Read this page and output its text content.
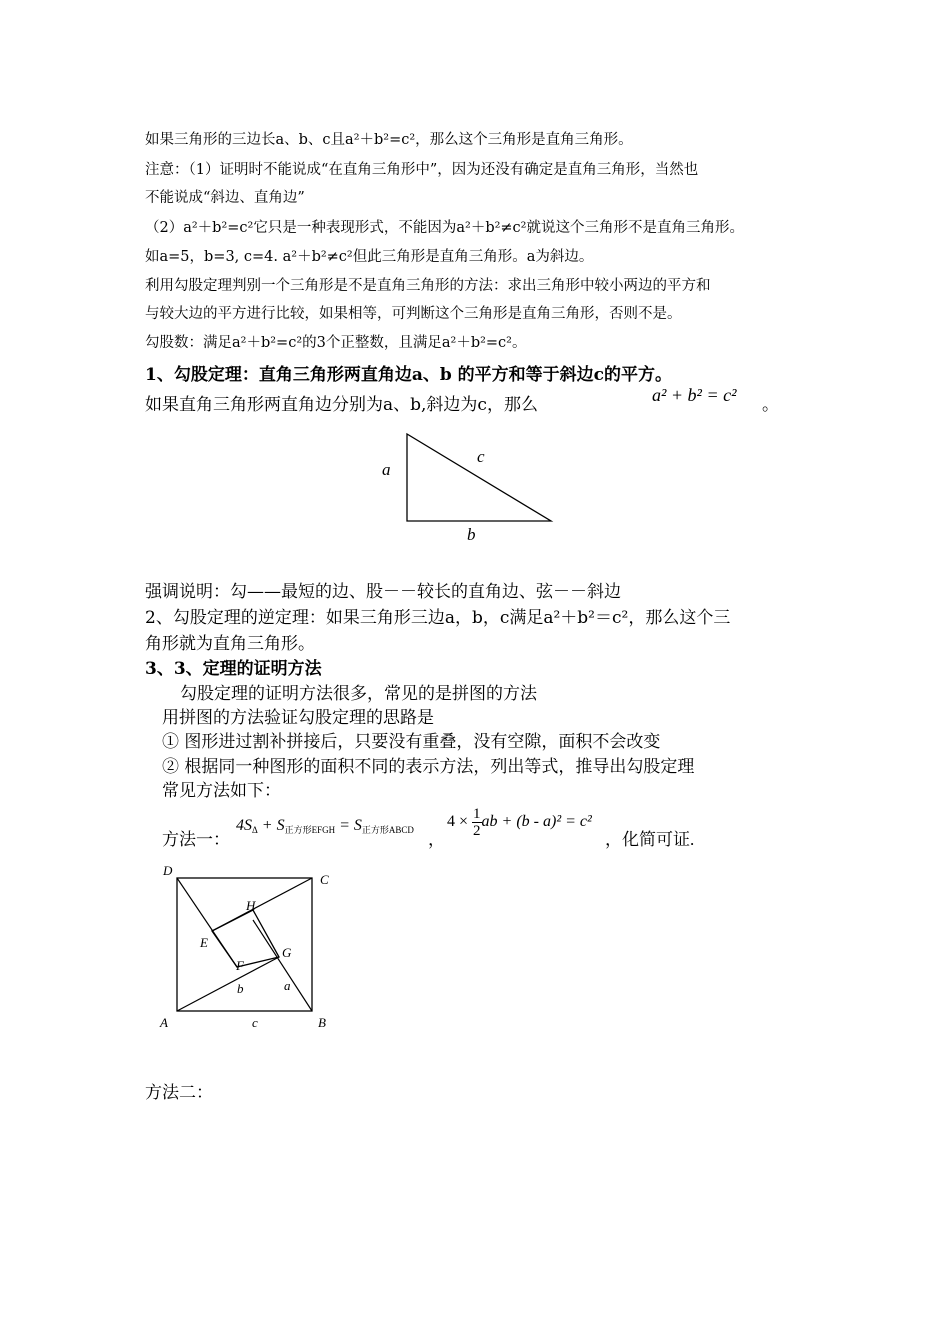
如果三角形的三边长a、b、c且a²＋b²=c²，那么这个三角形是直角三角形。
注意：（1）证明时不能说成“在直角三角形中”，因为还没有确定是直角三角形，当然也
不能说成“斜边、直角边”
（2）a²＋b²=c²它只是一种表现形式，不能因为a²＋b²≠c²就说这个三角形不是直角三角形。
如a=5，b=3, c=4. a²＋b²≠c²但此三角形是直角三角形。a为斜边。
利用勾股定理判别一个三角形是不是直角三角形的方法：求出三角形中较小两边的平方和
与较大边的平方进行比较，如果相等，可判断这个三角形是直角三角形，否则不是。
勾股数：满足a²＋b²=c²的3个正整数，且满足a²＋b²=c²。
1、勾股定理：直角三角形两直角边a、b 的平方和等于斜边c的平方。
如果直角三角形两直角边分别为a、b,斜边为c，那么	a² + b² = c² 。
a
c
b
强调说明：勾——最短的边、股－－较长的直角边、弦－－斜边
2、勾股定理的逆定理：如果三角形三边a，b，c满足a²＋b²＝c²，那么这个三
角形就为直角三角形。
3、3、定理的证明方法
勾股定理的证明方法很多，常见的是拼图的方法
用拼图的方法验证勾股定理的思路是
① 图形进过割补拼接后，只要没有重叠，没有空隙，面积不会改变
② 根据同一种图形的面积不同的表示方法，列出等式，推导出勾股定理
常见方法如下：
方法一：
$4S_\Delta + S_{正方形EFGH} = S_{正方形ABCD}$ ，
$4 \times \frac{1}{2}$ ab + (b - a)² = c²
，化简可证.
D
C
A	B
H
E
G
F
b	a
c
方法二：
